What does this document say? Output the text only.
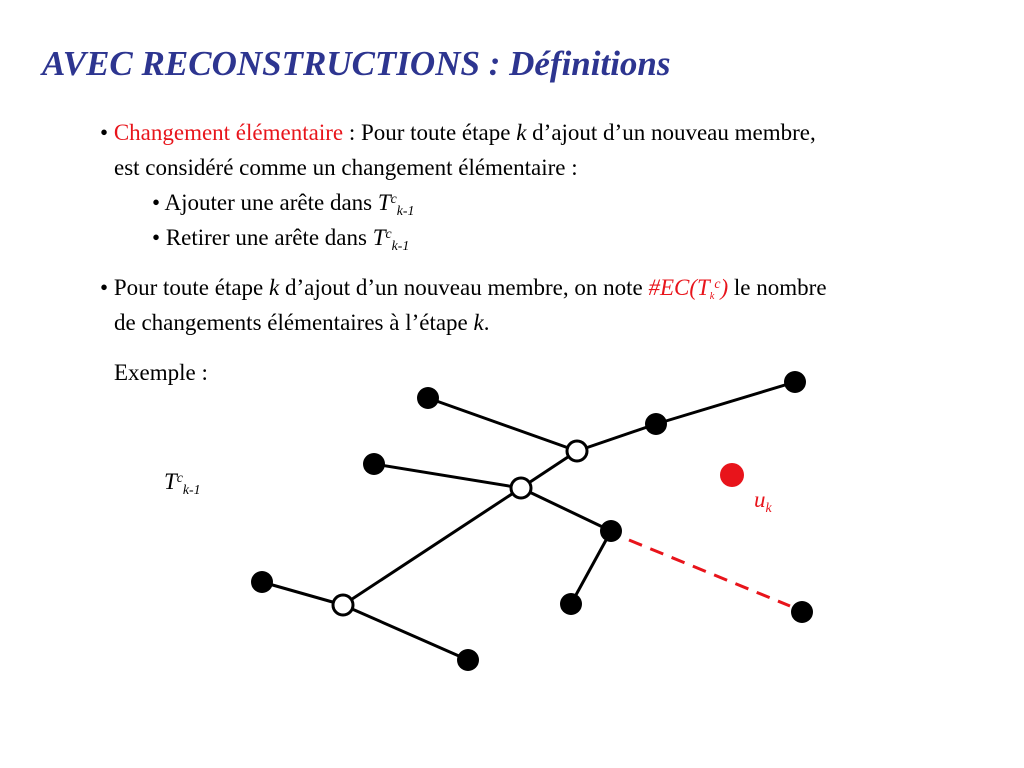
AVEC RECONSTRUCTIONS : Définitions
• Changement élémentaire : Pour toute étape k d’ajout d’un nouveau membre,
est considéré comme un changement élémentaire :
• Ajouter une arête dans $T^c_{k-1}$
• Retirer une arête dans $T^c_{k-1}$
• Pour toute étape k d’ajout d’un nouveau membre, on note $\#EC(T_k^c)$ le nombre
de changements élémentaires à l’étape k.
Exemple :
$T^c_{k-1}$	$u_k$
